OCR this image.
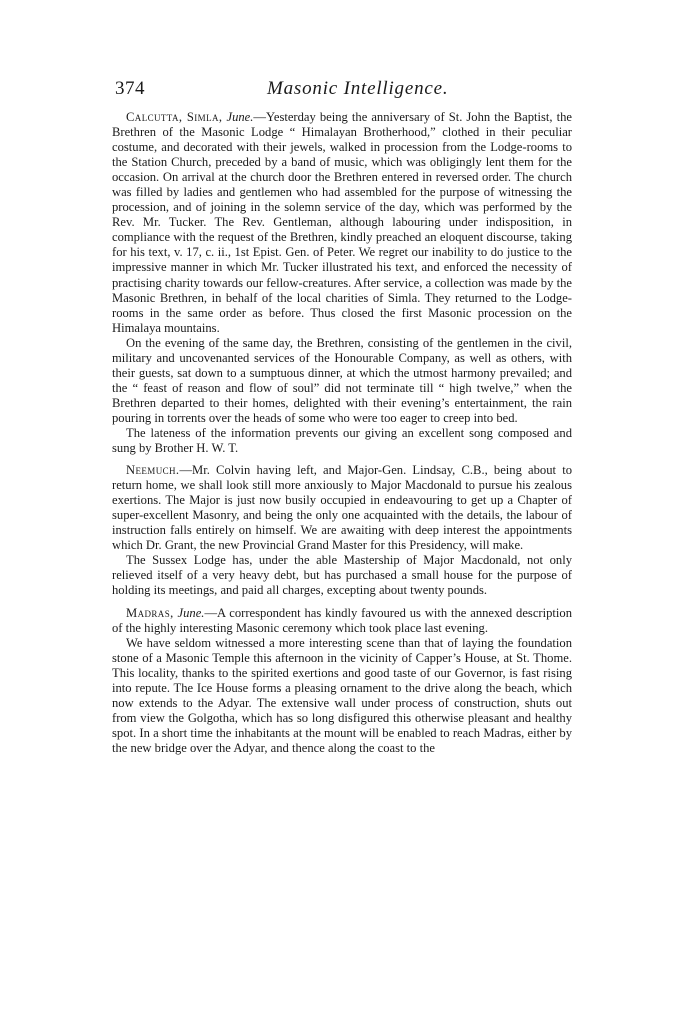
374	Masonic Intelligence.

Calcutta, Simla, June.—Yesterday being the anniversary of St. John the Baptist, the Brethren of the Masonic Lodge “ Himalayan Brotherhood,” clothed in their peculiar costume, and decorated with their jewels, walked in procession from the Lodge-rooms to the Station Church, preceded by a band of music, which was obligingly lent them for the occasion. On arrival at the church door the Brethren entered in reversed order. The church was filled by ladies and gentlemen who had assembled for the purpose of witnessing the procession, and of joining in the solemn service of the day, which was performed by the Rev. Mr. Tucker. The Rev. Gentleman, although labouring under indisposition, in compliance with the request of the Brethren, kindly preached an eloquent discourse, taking for his text, v. 17, c. ii., 1st Epist. Gen. of Peter. We regret our inability to do justice to the impressive manner in which Mr. Tucker illustrated his text, and enforced the necessity of practising charity towards our fellow-creatures. After service, a collection was made by the Masonic Brethren, in behalf of the local charities of Simla. They returned to the Lodge-rooms in the same order as before. Thus closed the first Masonic procession on the Himalaya mountains.

On the evening of the same day, the Brethren, consisting of the gentlemen in the civil, military and uncovenanted services of the Honourable Company, as well as others, with their guests, sat down to a sumptuous dinner, at which the utmost harmony prevailed; and the “ feast of reason and flow of soul” did not terminate till “ high twelve,” when the Brethren departed to their homes, delighted with their evening’s entertainment, the rain pouring in torrents over the heads of some who were too eager to creep into bed.

The lateness of the information prevents our giving an excellent song composed and sung by Brother H. W. T.

Neemuch.—Mr. Colvin having left, and Major-Gen. Lindsay, C.B., being about to return home, we shall look still more anxiously to Major Macdonald to pursue his zealous exertions. The Major is just now busily occupied in endeavouring to get up a Chapter of super-excellent Masonry, and being the only one acquainted with the details, the labour of instruction falls entirely on himself. We are awaiting with deep interest the appointments which Dr. Grant, the new Provincial Grand Master for this Presidency, will make.

The Sussex Lodge has, under the able Mastership of Major Macdonald, not only relieved itself of a very heavy debt, but has purchased a small house for the purpose of holding its meetings, and paid all charges, excepting about twenty pounds.

Madras, June.—A correspondent has kindly favoured us with the annexed description of the highly interesting Masonic ceremony which took place last evening.

We have seldom witnessed a more interesting scene than that of laying the foundation stone of a Masonic Temple this afternoon in the vicinity of Capper’s House, at St. Thome. This locality, thanks to the spirited exertions and good taste of our Governor, is fast rising into repute. The Ice House forms a pleasing ornament to the drive along the beach, which now extends to the Adyar. The extensive wall under process of construction, shuts out from view the Golgotha, which has so long disfigured this otherwise pleasant and healthy spot. In a short time the inhabitants at the mount will be enabled to reach Madras, either by the new bridge over the Adyar, and thence along the coast to the
